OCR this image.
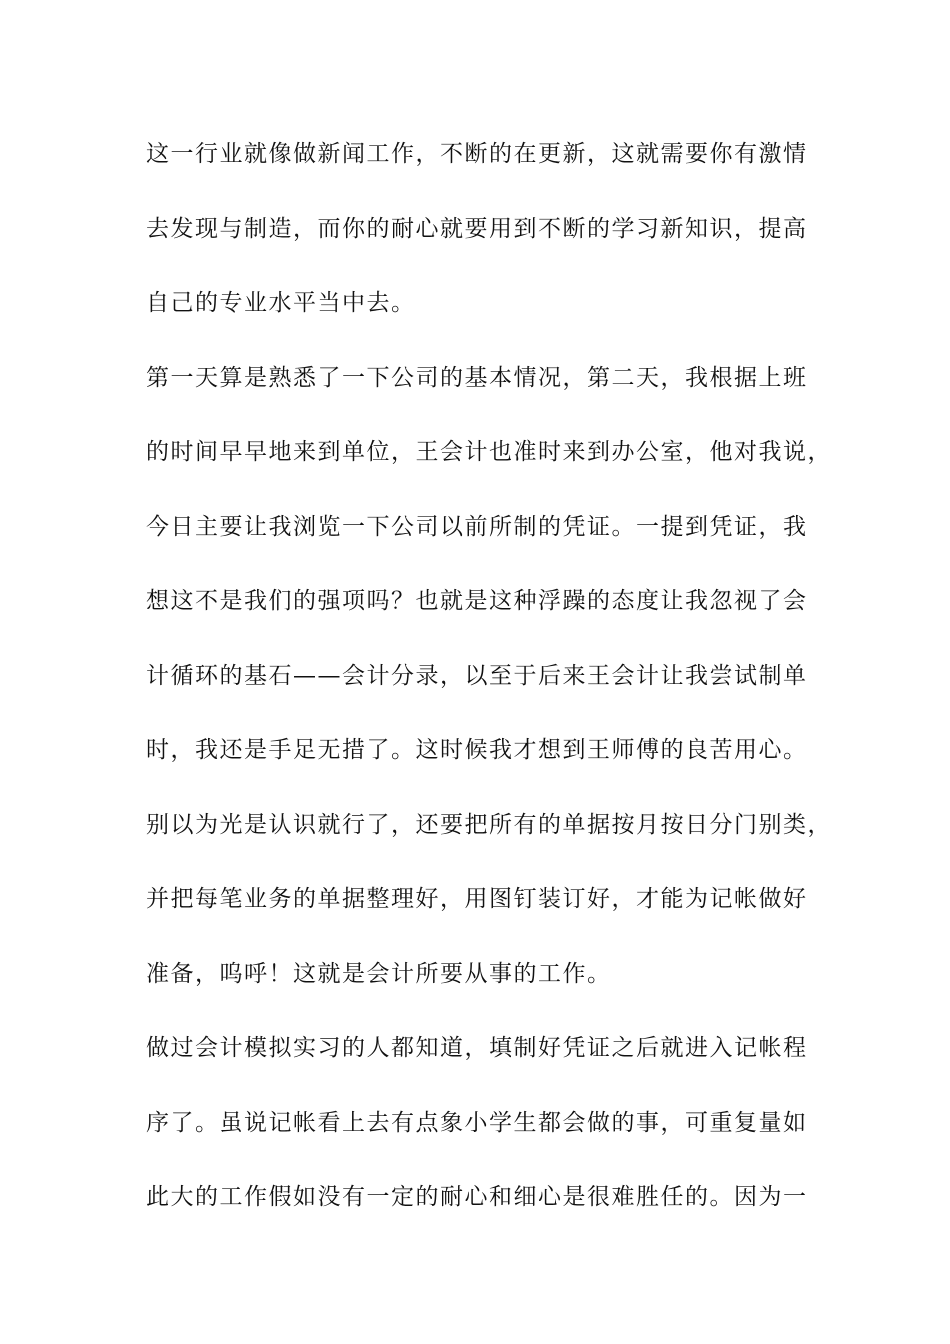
这一行业就像做新闻工作，不断的在更新，这就需要你有激情
去发现与制造，而你的耐心就要用到不断的学习新知识，提高
自己的专业水平当中去。
第一天算是熟悉了一下公司的基本情况，第二天，我根据上班
的时间早早地来到单位，王会计也准时来到办公室，他对我说，
今日主要让我浏览一下公司以前所制的凭证。一提到凭证，我
想这不是我们的强项吗？也就是这种浮躁的态度让我忽视了会
计循环的基石——会计分录，以至于后来王会计让我尝试制单
时，我还是手足无措了。这时候我才想到王师傅的良苦用心。
别以为光是认识就行了，还要把所有的单据按月按日分门别类，
并把每笔业务的单据整理好，用图钉装订好，才能为记帐做好
准备，呜呼！这就是会计所要从事的工作。
做过会计模拟实习的人都知道，填制好凭证之后就进入记帐程
序了。虽说记帐看上去有点象小学生都会做的事，可重复量如
此大的工作假如没有一定的耐心和细心是很难胜任的。因为一
